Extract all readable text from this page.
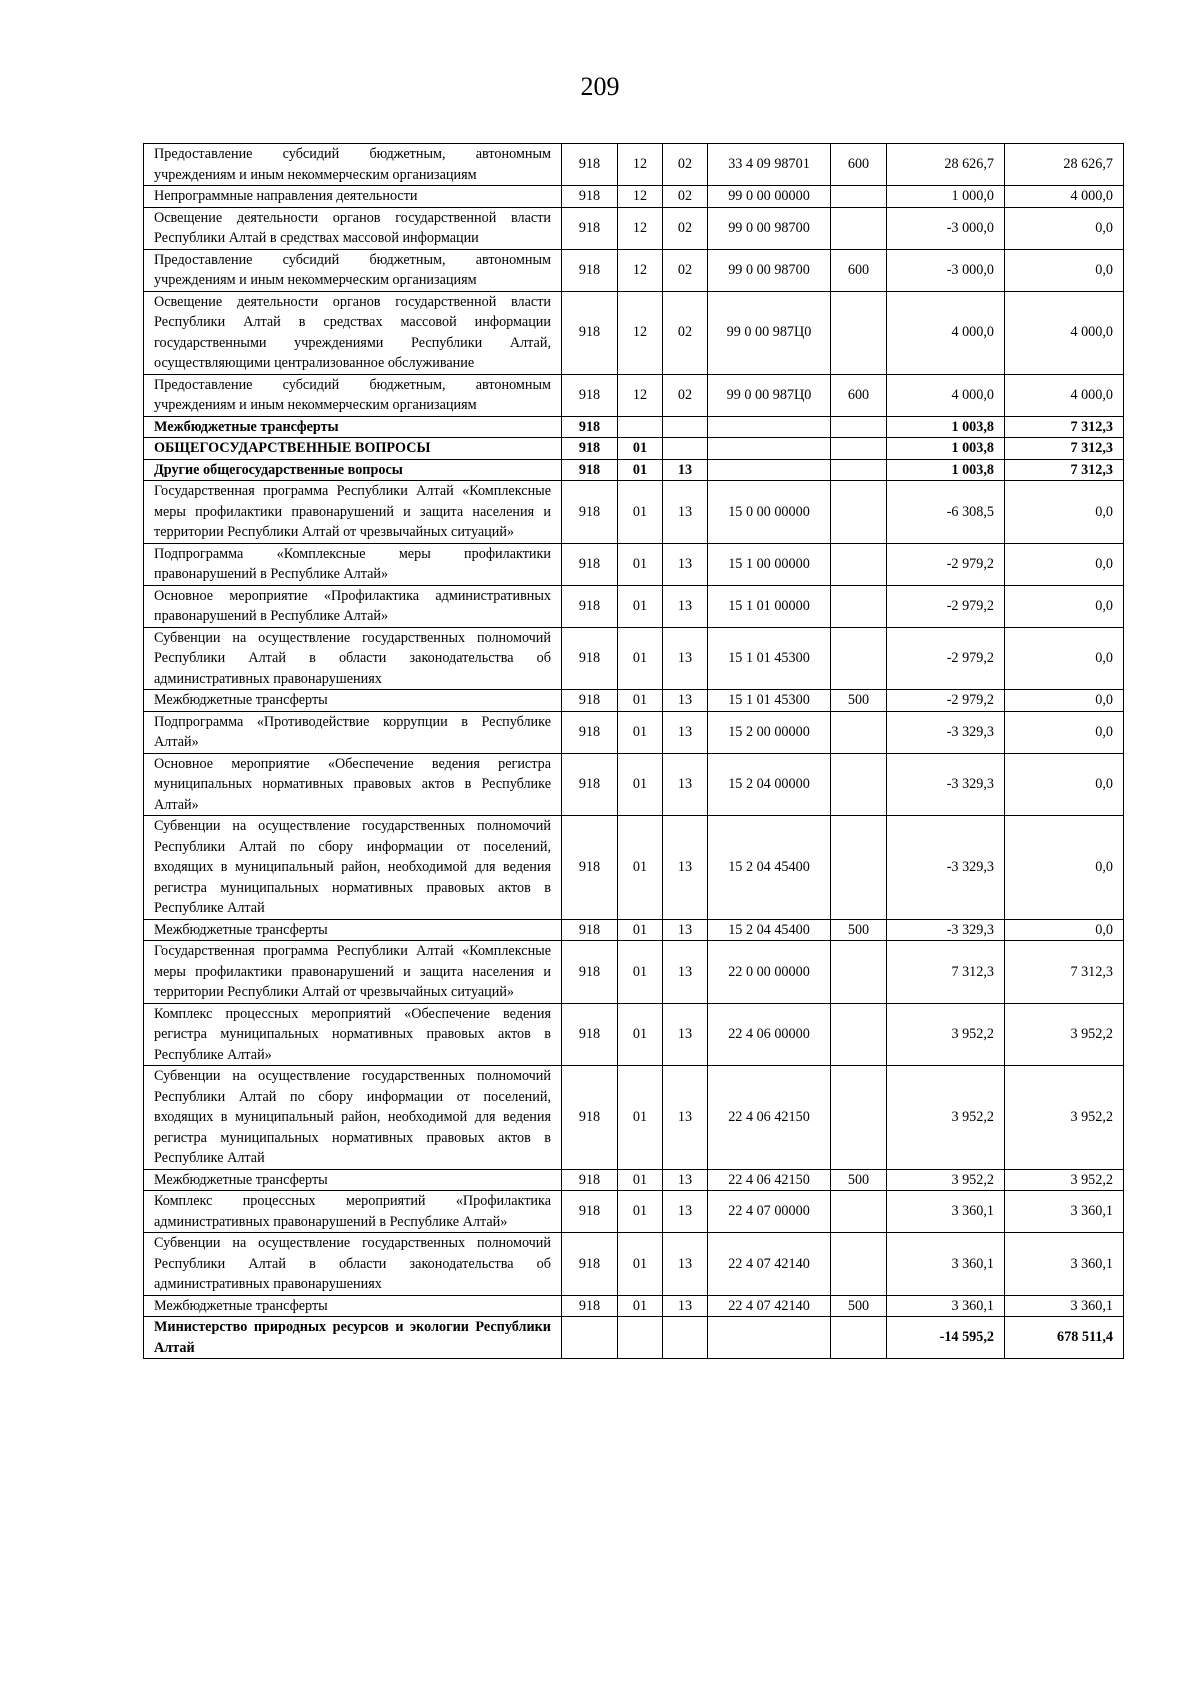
209
Предоставление субсидий бюджетным, автономным учреждениям и иным некоммерческим организациям	918	12	02	33 4 09 98701	600	28 626,7	28 626,7
Непрограммные направления деятельности	918	12	02	99 0 00 00000		1 000,0	4 000,0
Освещение деятельности органов государственной власти Республики Алтай в средствах массовой информации	918	12	02	99 0 00 98700		-3 000,0	0,0
Предоставление субсидий бюджетным, автономным учреждениям и иным некоммерческим организациям	918	12	02	99 0 00 98700	600	-3 000,0	0,0
Освещение деятельности органов государственной власти Республики Алтай в средствах массовой информации государственными учреждениями Республики Алтай, осуществляющими централизованное обслуживание	918	12	02	99 0 00 987Ц0		4 000,0	4 000,0
Предоставление субсидий бюджетным, автономным учреждениям и иным некоммерческим организациям	918	12	02	99 0 00 987Ц0	600	4 000,0	4 000,0
Межбюджетные трансферты	918					1 003,8	7 312,3
ОБЩЕГОСУДАРСТВЕННЫЕ ВОПРОСЫ	918	01				1 003,8	7 312,3
Другие общегосударственные вопросы	918	01	13			1 003,8	7 312,3
Государственная программа Республики Алтай «Комплексные меры профилактики правонарушений и защита населения и территории Республики Алтай от чрезвычайных ситуаций»	918	01	13	15 0 00 00000		-6 308,5	0,0
Подпрограмма «Комплексные меры профилактики правонарушений в Республике Алтай»	918	01	13	15 1 00 00000		-2 979,2	0,0
Основное мероприятие «Профилактика административных правонарушений в Республике Алтай»	918	01	13	15 1 01 00000		-2 979,2	0,0
Субвенции на осуществление государственных полномочий Республики Алтай в области законодательства об административных правонарушениях	918	01	13	15 1 01 45300		-2 979,2	0,0
Межбюджетные трансферты	918	01	13	15 1 01 45300	500	-2 979,2	0,0
Подпрограмма «Противодействие коррупции в Республике Алтай»	918	01	13	15 2 00 00000		-3 329,3	0,0
Основное мероприятие «Обеспечение ведения регистра муниципальных нормативных правовых актов в Республике Алтай»	918	01	13	15 2 04 00000		-3 329,3	0,0
Субвенции на осуществление государственных полномочий Республики Алтай по сбору информации от поселений, входящих в муниципальный район, необходимой для ведения регистра муниципальных нормативных правовых актов в Республике Алтай	918	01	13	15 2 04 45400		-3 329,3	0,0
Межбюджетные трансферты	918	01	13	15 2 04 45400	500	-3 329,3	0,0
Государственная программа Республики Алтай «Комплексные меры профилактики правонарушений и защита населения и территории Республики Алтай от чрезвычайных ситуаций»	918	01	13	22 0 00 00000		7 312,3	7 312,3
Комплекс процессных мероприятий «Обеспечение ведения регистра муниципальных нормативных правовых актов в Республике Алтай»	918	01	13	22 4 06 00000		3 952,2	3 952,2
Субвенции на осуществление государственных полномочий Республики Алтай по сбору информации от поселений, входящих в муниципальный район, необходимой для ведения регистра муниципальных нормативных правовых актов в Республике Алтай	918	01	13	22 4 06 42150		3 952,2	3 952,2
Межбюджетные трансферты	918	01	13	22 4 06 42150	500	3 952,2	3 952,2
Комплекс процессных мероприятий «Профилактика административных правонарушений в Республике Алтай»	918	01	13	22 4 07 00000		3 360,1	3 360,1
Субвенции на осуществление государственных полномочий Республики Алтай в области законодательства об административных правонарушениях	918	01	13	22 4 07 42140		3 360,1	3 360,1
Межбюджетные трансферты	918	01	13	22 4 07 42140	500	3 360,1	3 360,1
Министерство природных ресурсов и экологии Республики Алтай						-14 595,2	678 511,4
